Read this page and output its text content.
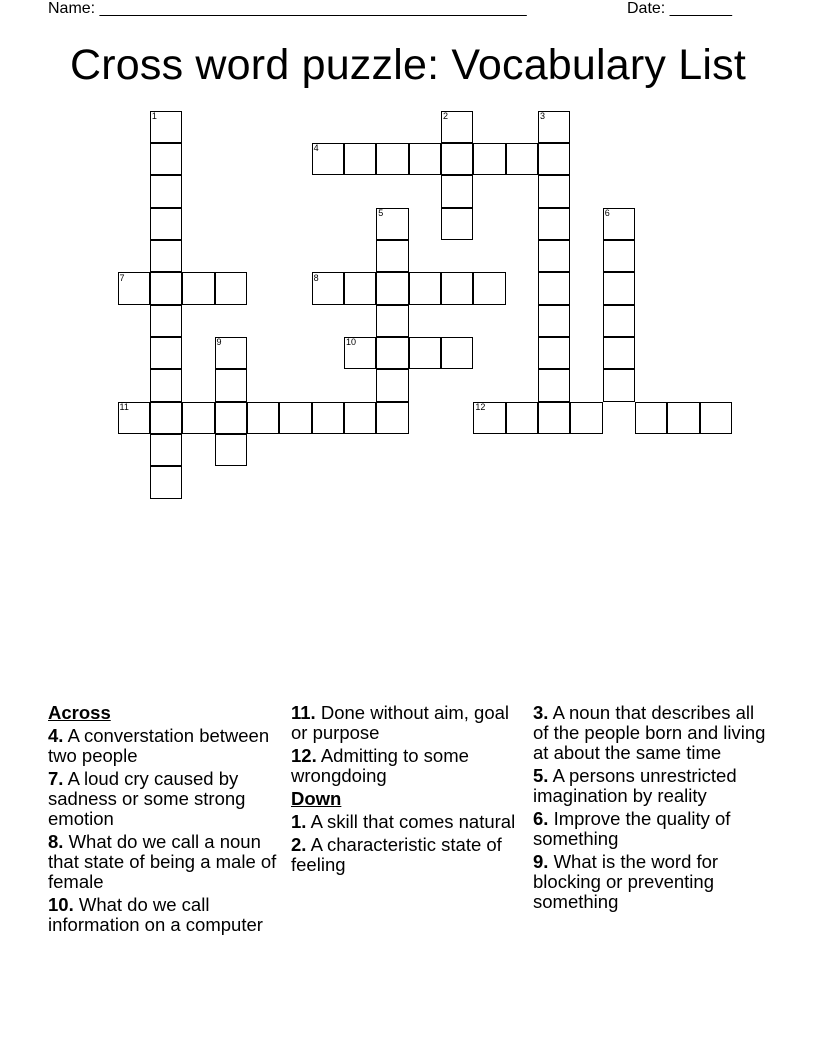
Name: ________________________________________________	Date: _______
Cross word puzzle: Vocabulary List
1	2	3
4
5	6
7	8
9	10
11	12
Across
4. A converstation between two people
7. A loud cry caused by sadness or some strong emotion
8. What do we call a noun that state of being a male of female
10. What do we call information on a computer
11. Done without aim, goal or purpose
12. Admitting to some wrongdoing
Down
1. A skill that comes natural
2. A characteristic state of feeling
3. A noun that describes all of the people born and living at about the same time
5. A persons unrestricted imagination by reality
6. Improve the quality of something
9. What is the word for blocking or preventing something
